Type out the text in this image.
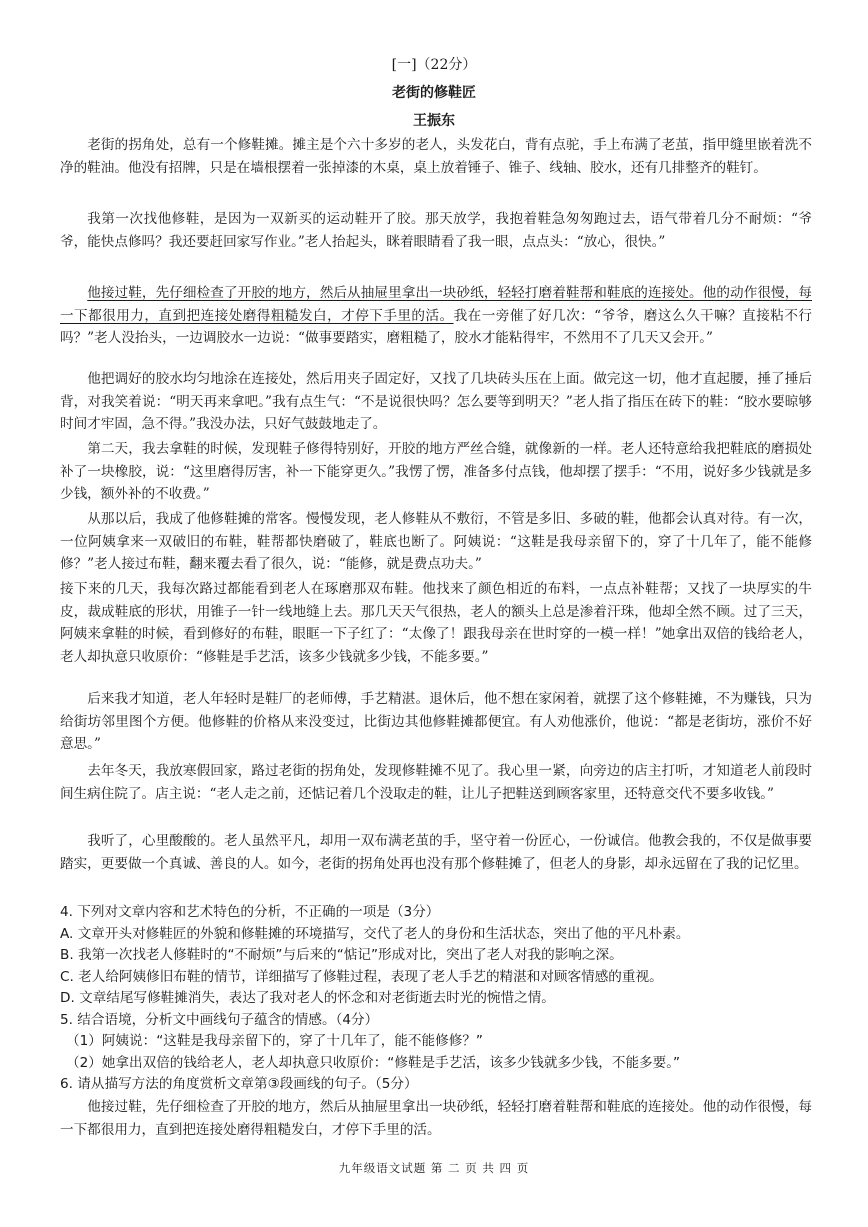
[一]（22分）
老街的修鞋匠
王振东
老街的拐角处，总有一个修鞋摊。摊主是个六十多岁的老人，头发花白，背有点驼，手上布满了老茧，指甲缝里嵌着洗不净的鞋油。他没有招牌，只是在墙根摆着一张掉漆的木桌，桌上放着锤子、锥子、线轴、胶水，还有几排整齐的鞋钉。
我第一次找他修鞋，是因为一双新买的运动鞋开了胶。那天放学，我抱着鞋急匆匆跑过去，语气带着几分不耐烦：“爷爷，能快点修吗？我还要赶回家写作业。”老人抬起头，眯着眼睛看了我一眼，点点头：“放心，很快。”
他接过鞋，先仔细检查了开胶的地方，然后从抽屉里拿出一块砂纸，轻轻打磨着鞋帮和鞋底的连接处。他的动作很慢，每一下都很用力，直到把连接处磨得粗糙发白，才停下手里的活。我在一旁催了好几次：“爷爷，磨这么久干嘛？直接粘不行吗？”老人没抬头，一边调胶水一边说：“做事要踏实，磨粗糙了，胶水才能粘得牢，不然用不了几天又会开。”
他把调好的胶水均匀地涂在连接处，然后用夹子固定好，又找了几块砖头压在上面。做完这一切，他才直起腰，捶了捶后背，对我笑着说：“明天再来拿吧。”我有点生气：“不是说很快吗？怎么要等到明天？”老人指了指压在砖下的鞋：“胶水要晾够时间才牢固，急不得。”我没办法，只好气鼓鼓地走了。
第二天，我去拿鞋的时候，发现鞋子修得特别好，开胶的地方严丝合缝，就像新的一样。老人还特意给我把鞋底的磨损处补了一块橡胶，说：“这里磨得厉害，补一下能穿更久。”我愣了愣，准备多付点钱，他却摆了摆手：“不用，说好多少钱就是多少钱，额外补的不收费。”
从那以后，我成了他修鞋摊的常客。慢慢发现，老人修鞋从不敷衍，不管是多旧、多破的鞋，他都会认真对待。有一次，一位阿姨拿来一双破旧的布鞋，鞋帮都快磨破了，鞋底也断了。阿姨说：“这鞋是我母亲留下的，穿了十几年了，能不能修修？”老人接过布鞋，翻来覆去看了很久，说：“能修，就是费点功夫。”
接下来的几天，我每次路过都能看到老人在琢磨那双布鞋。他找来了颜色相近的布料，一点点补鞋帮；又找了一块厚实的牛皮，裁成鞋底的形状，用锥子一针一线地缝上去。那几天天气很热，老人的额头上总是渗着汗珠，他却全然不顾。过了三天，阿姨来拿鞋的时候，看到修好的布鞋，眼眶一下子红了：“太像了！跟我母亲在世时穿的一模一样！”她拿出双倍的钱给老人，老人却执意只收原价：“修鞋是手艺活，该多少钱就多少钱，不能多要。”
后来我才知道，老人年轻时是鞋厂的老师傅，手艺精湛。退休后，他不想在家闲着，就摆了这个修鞋摊，不为赚钱，只为给街坊邻里图个方便。他修鞋的价格从来没变过，比街边其他修鞋摊都便宜。有人劝他涨价，他说：“都是老街坊，涨价不好意思。”
去年冬天，我放寒假回家，路过老街的拐角处，发现修鞋摊不见了。我心里一紧，向旁边的店主打听，才知道老人前段时间生病住院了。店主说：“老人走之前，还惦记着几个没取走的鞋，让儿子把鞋送到顾客家里，还特意交代不要多收钱。”
我听了，心里酸酸的。老人虽然平凡，却用一双布满老茧的手，坚守着一份匠心，一份诚信。他教会我的，不仅是做事要踏实，更要做一个真诚、善良的人。如今，老街的拐角处再也没有那个修鞋摊了，但老人的身影，却永远留在了我的记忆里。
4. 下列对文章内容和艺术特色的分析，不正确的一项是（3分）
A. 文章开头对修鞋匠的外貌和修鞋摊的环境描写，交代了老人的身份和生活状态，突出了他的平凡朴素。
B. 我第一次找老人修鞋时的“不耐烦”与后来的“惦记”形成对比，突出了老人对我的影响之深。
C. 老人给阿姨修旧布鞋的情节，详细描写了修鞋过程，表现了老人手艺的精湛和对顾客情感的重视。
D. 文章结尾写修鞋摊消失，表达了我对老人的怀念和对老街逝去时光的惋惜之情。
5. 结合语境，分析文中画线句子蕴含的情感。（4分）
（1）阿姨说：“这鞋是我母亲留下的，穿了十几年了，能不能修修？”
（2）她拿出双倍的钱给老人，老人却执意只收原价：“修鞋是手艺活，该多少钱就多少钱，不能多要。”
6. 请从描写方法的角度赏析文章第③段画线的句子。（5分）
他接过鞋，先仔细检查了开胶的地方，然后从抽屉里拿出一块砂纸，轻轻打磨着鞋帮和鞋底的连接处。他的动作很慢，每一下都很用力，直到把连接处磨得粗糙发白，才停下手里的活。
九年级语文试题 第 二 页 共 四 页
